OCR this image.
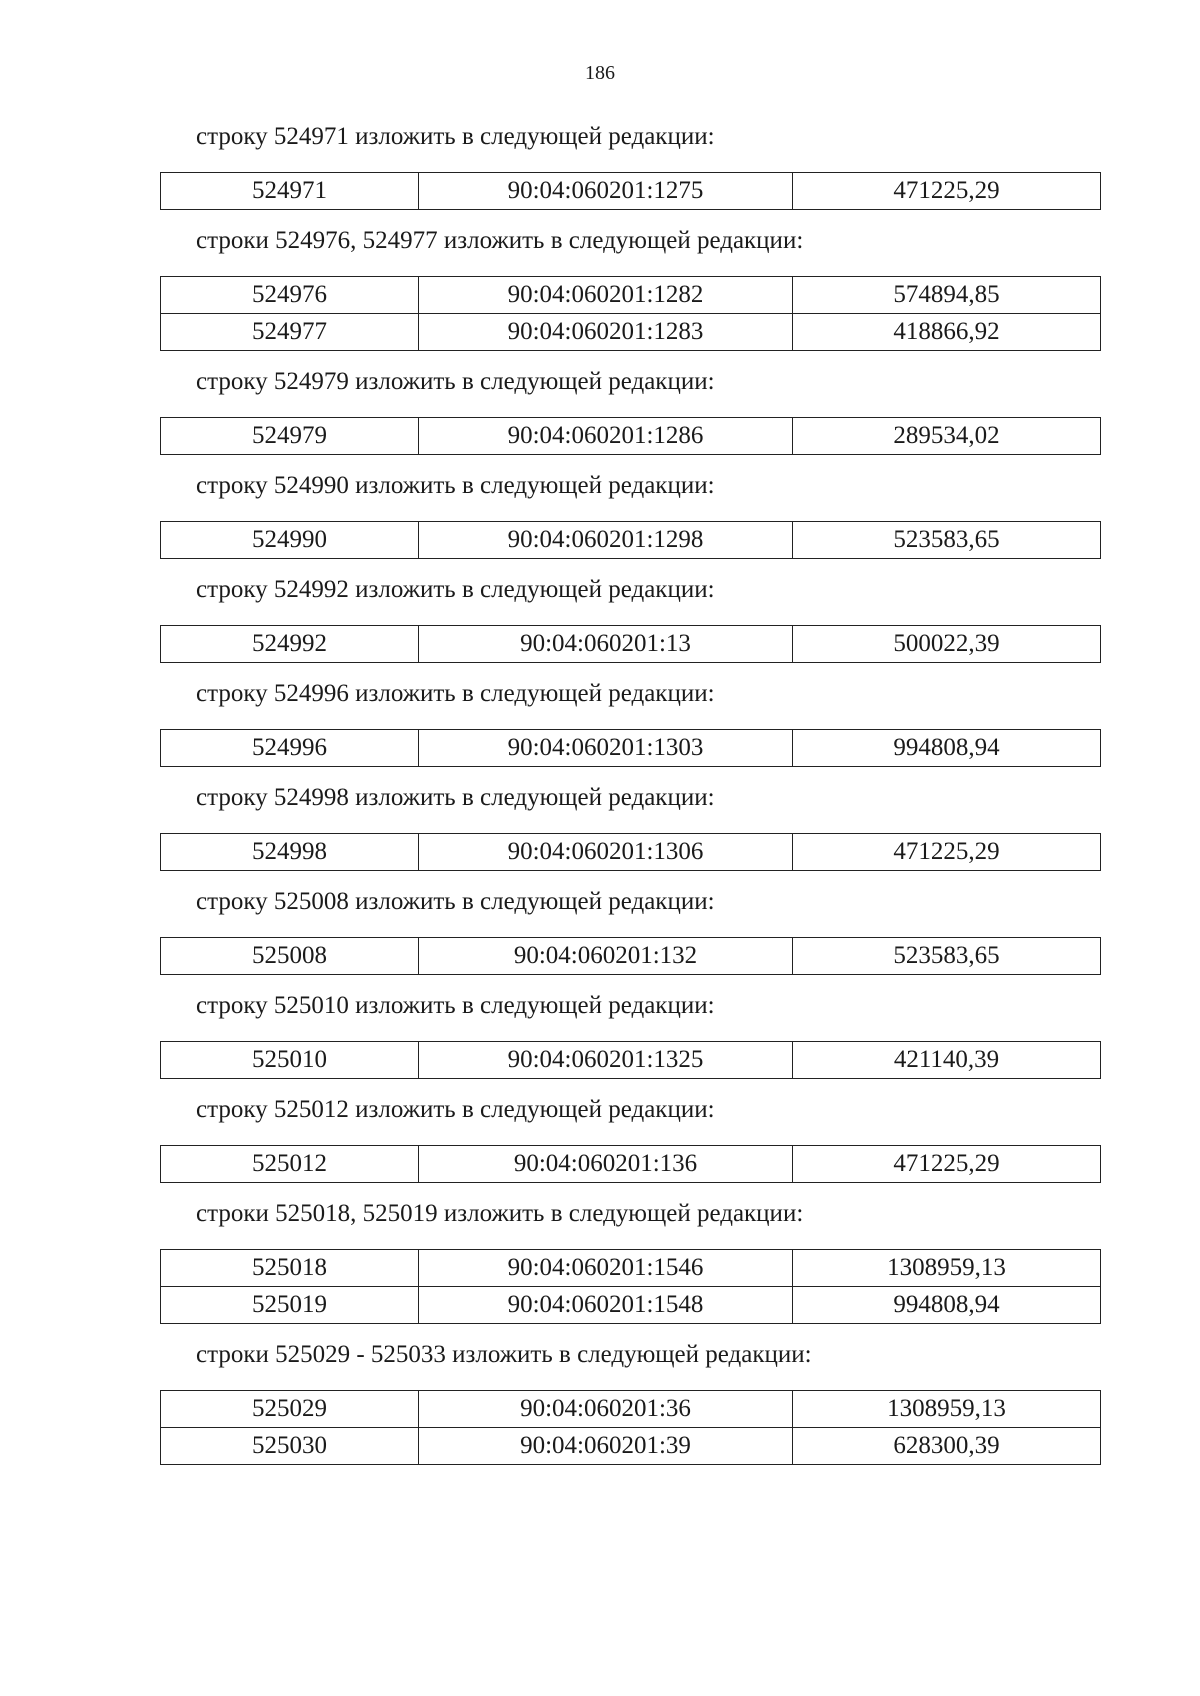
186
строку 524971 изложить в следующей редакции:
524971	90:04:060201:1275	471225,29
строки 524976, 524977 изложить в следующей редакции:
524976	90:04:060201:1282	574894,85
524977	90:04:060201:1283	418866,92
строку 524979 изложить в следующей редакции:
524979	90:04:060201:1286	289534,02
строку 524990 изложить в следующей редакции:
524990	90:04:060201:1298	523583,65
строку 524992 изложить в следующей редакции:
524992	90:04:060201:13	500022,39
строку 524996 изложить в следующей редакции:
524996	90:04:060201:1303	994808,94
строку 524998 изложить в следующей редакции:
524998	90:04:060201:1306	471225,29
строку 525008 изложить в следующей редакции:
525008	90:04:060201:132	523583,65
строку 525010 изложить в следующей редакции:
525010	90:04:060201:1325	421140,39
строку 525012 изложить в следующей редакции:
525012	90:04:060201:136	471225,29
строки 525018, 525019 изложить в следующей редакции:
525018	90:04:060201:1546	1308959,13
525019	90:04:060201:1548	994808,94
строки 525029 - 525033 изложить в следующей редакции:
525029	90:04:060201:36	1308959,13
525030	90:04:060201:39	628300,39
